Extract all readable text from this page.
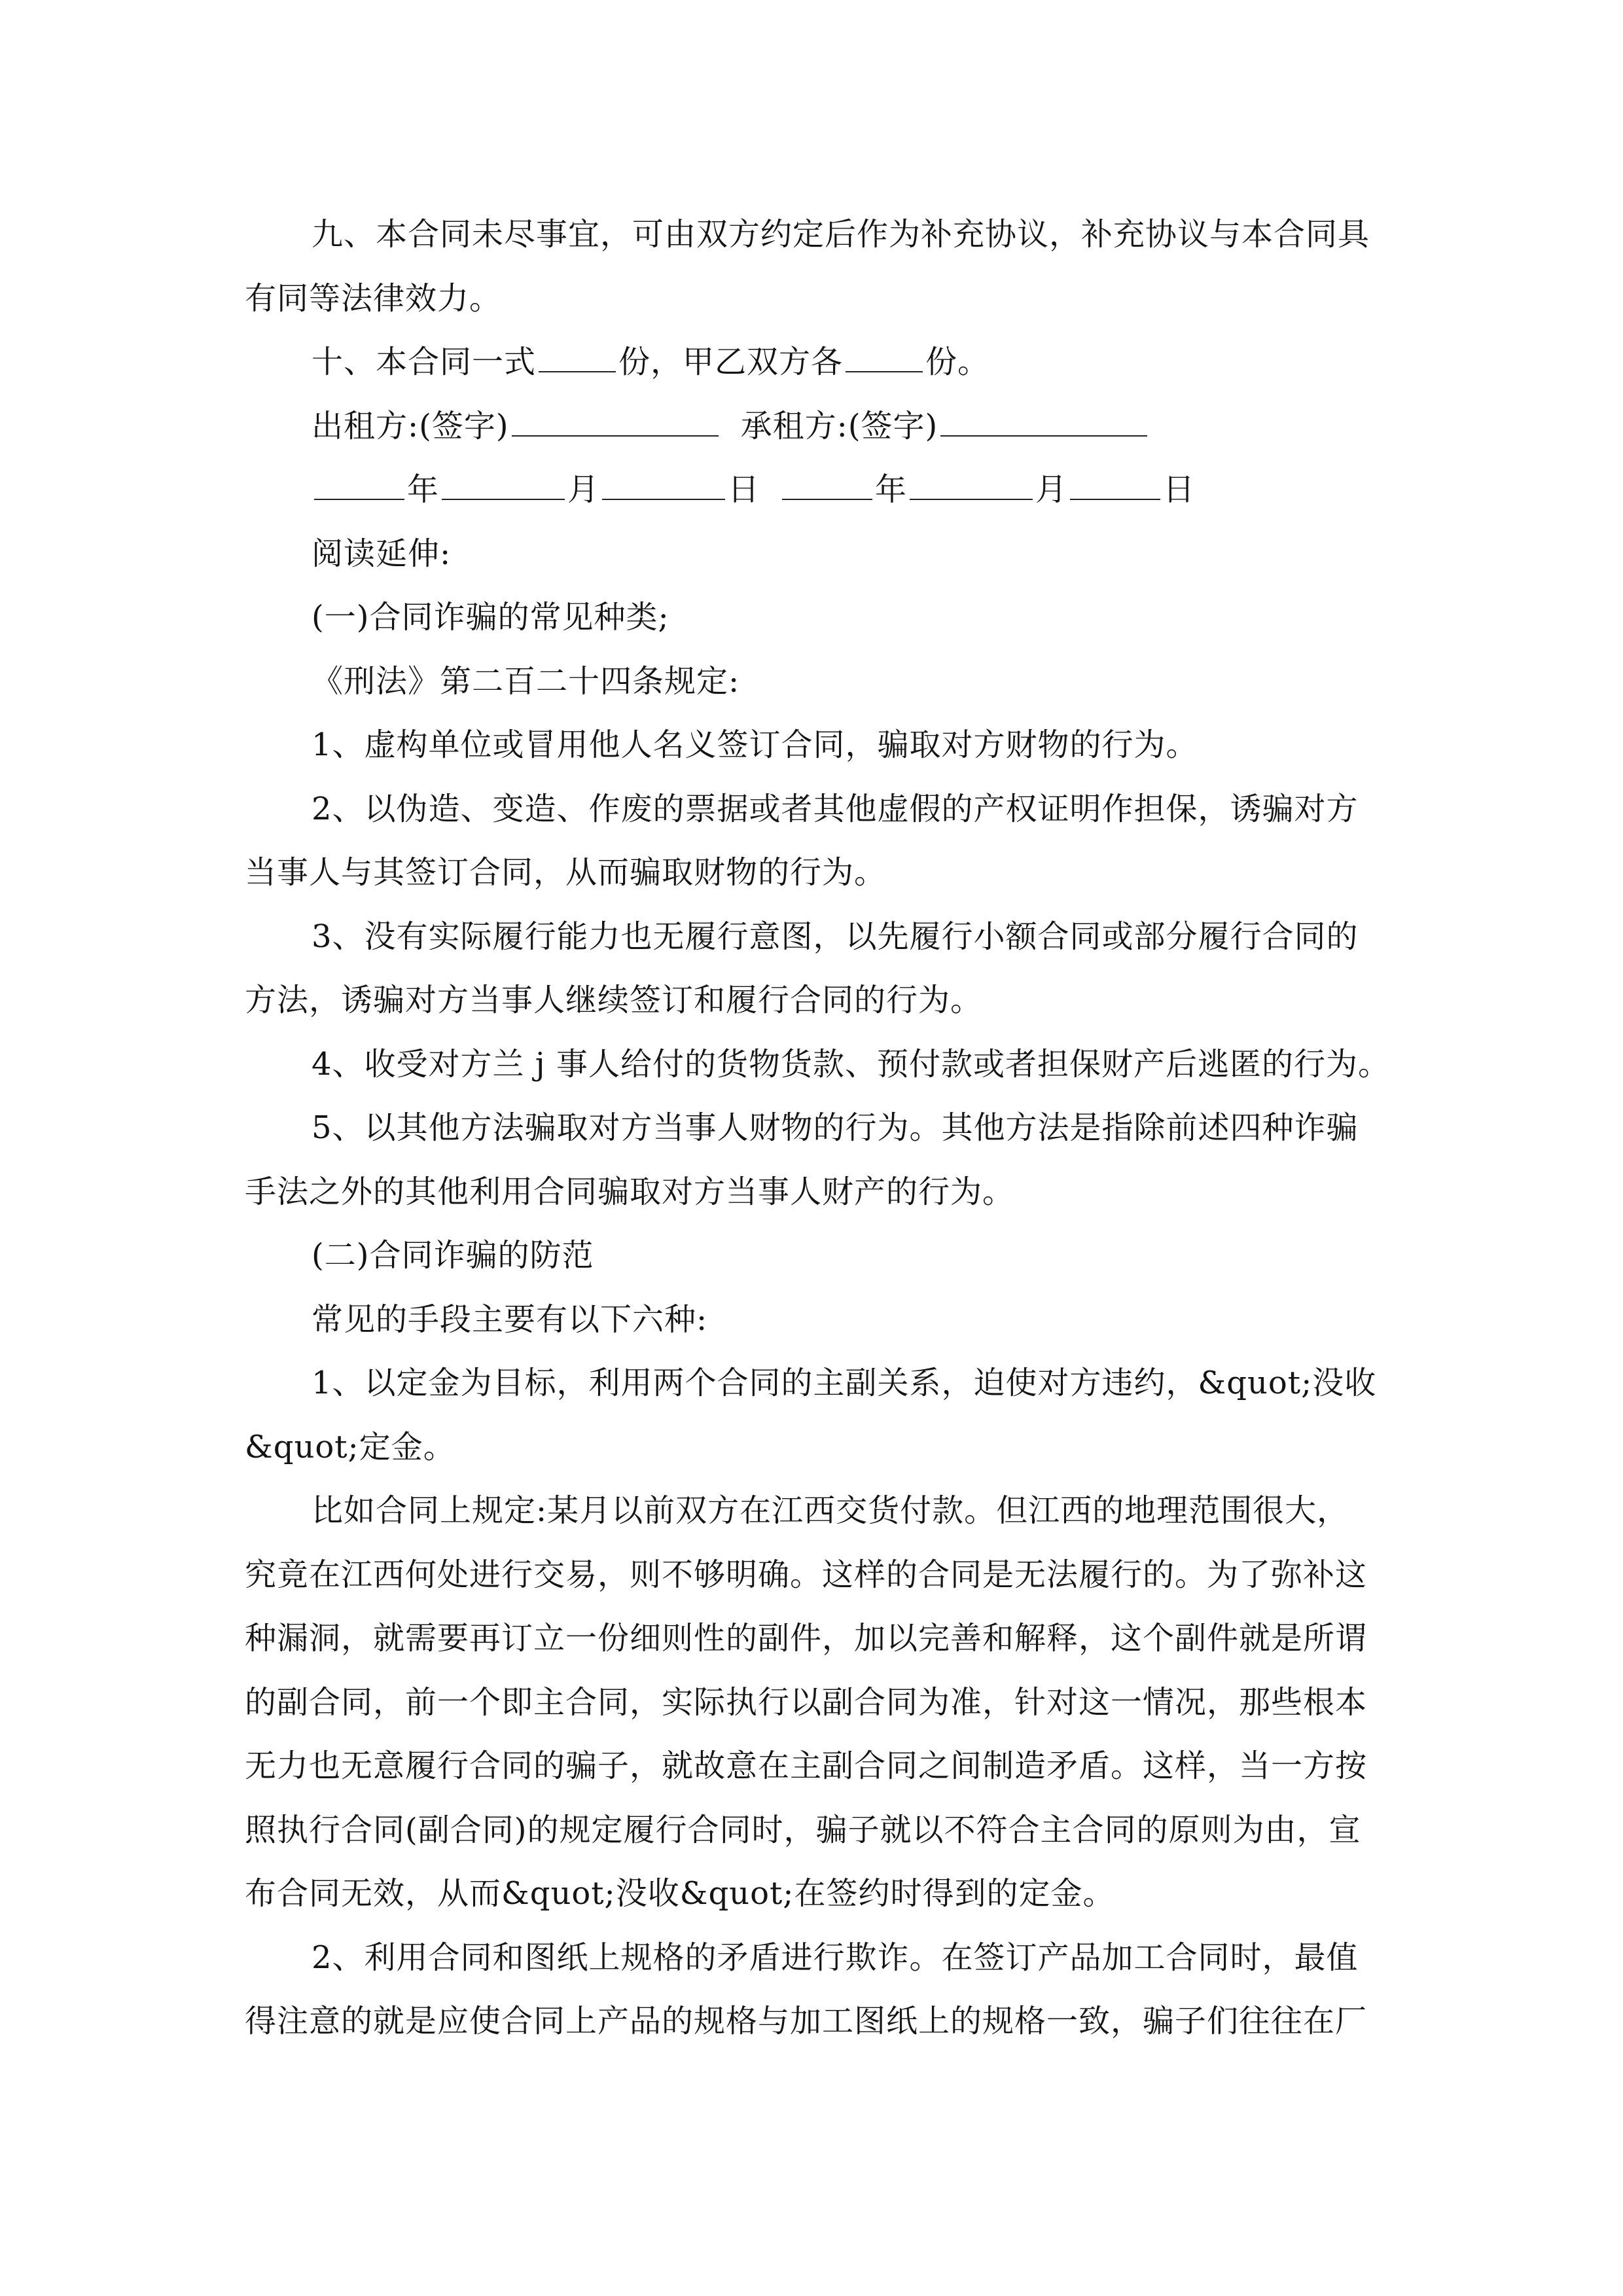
九、本合同未尽事宜，可由双方约定后作为补充协议，补充协议与本合同具
有同等法律效力。
十、本合同一式	份，甲乙双方各	份。
出租方:(签字)	承租方:(签字)
年	月	日	年	月	日
阅读延伸:
(一)合同诈骗的常见种类;
《刑法》第二百二十四条规定:
1、虚构单位或冒用他人名义签订合同，骗取对方财物的行为。
2、以伪造、变造、作废的票据或者其他虚假的产权证明作担保，诱骗对方
当事人与其签订合同，从而骗取财物的行为。
3、没有实际履行能力也无履行意图，以先履行小额合同或部分履行合同的
方法，诱骗对方当事人继续签订和履行合同的行为。
4、收受对方兰 j 事人给付的货物货款、预付款或者担保财产后逃匿的行为。
5、以其他方法骗取对方当事人财物的行为。其他方法是指除前述四种诈骗
手法之外的其他利用合同骗取对方当事人财产的行为。
(二)合同诈骗的防范
常见的手段主要有以下六种:
1、以定金为目标，利用两个合同的主副关系，迫使对方违约，&quot;没收
&quot;定金。
比如合同上规定:某月以前双方在江西交货付款。但江西的地理范围很大，
究竟在江西何处进行交易，则不够明确。这样的合同是无法履行的。为了弥补这
种漏洞，就需要再订立一份细则性的副件，加以完善和解释，这个副件就是所谓
的副合同，前一个即主合同，实际执行以副合同为准，针对这一情况，那些根本
无力也无意履行合同的骗子，就故意在主副合同之间制造矛盾。这样，当一方按
照执行合同(副合同)的规定履行合同时，骗子就以不符合主合同的原则为由，宣
布合同无效，从而&quot;没收&quot;在签约时得到的定金。
2、利用合同和图纸上规格的矛盾进行欺诈。在签订产品加工合同时，最值
得注意的就是应使合同上产品的规格与加工图纸上的规格一致，骗子们往往在厂
